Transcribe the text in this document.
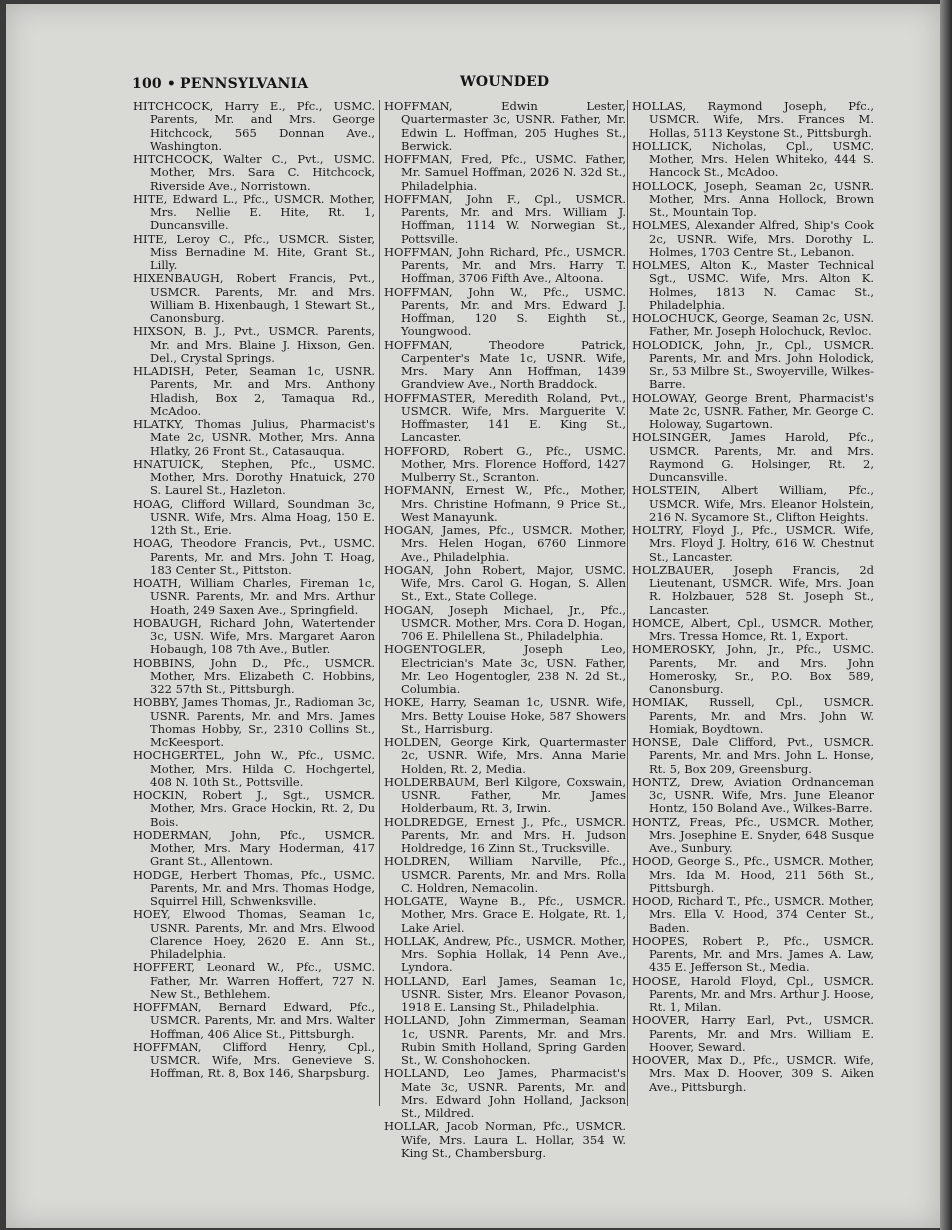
100 • PENNSYLVANIA	WOUNDED

HITCHCOCK, Harry E., Pfc., USMC. Parents, Mr. and Mrs. George Hitchcock, 565 Donnan Ave., Washington.

HITCHCOCK, Walter C., Pvt., USMC. Mother, Mrs. Sara C. Hitchcock, Riverside Ave., Norristown.

HITE, Edward L., Pfc., USMCR. Mother, Mrs. Nellie E. Hite, Rt. 1, Duncansville.

HITE, Leroy C., Pfc., USMCR. Sister, Miss Bernadine M. Hite, Grant St., Lilly.

HIXENBAUGH, Robert Francis, Pvt., USMCR. Parents, Mr. and Mrs. William B. Hixenbaugh, 1 Stewart St., Canonsburg.

HIXSON, B. J., Pvt., USMCR. Parents, Mr. and Mrs. Blaine J. Hixson, Gen. Del., Crystal Springs.

HLADISH, Peter, Seaman 1c, USNR. Parents, Mr. and Mrs. Anthony Hladish, Box 2, Tamaqua Rd., McAdoo.

HLATKY, Thomas Julius, Pharmacist's Mate 2c, USNR. Mother, Mrs. Anna Hlatky, 26 Front St., Catasauqua.

HNATUICK, Stephen, Pfc., USMC. Mother, Mrs. Dorothy Hnatuick, 270 S. Laurel St., Hazleton.

HOAG, Clifford Willard, Soundman 3c, USNR. Wife, Mrs. Alma Hoag, 150 E. 12th St., Erie.

HOAG, Theodore Francis, Pvt., USMC. Parents, Mr. and Mrs. John T. Hoag, 183 Center St., Pittston.

HOATH, William Charles, Fireman 1c, USNR. Parents, Mr. and Mrs. Arthur Hoath, 249 Saxen Ave., Springfield.

HOBAUGH, Richard John, Watertender 3c, USN. Wife, Mrs. Margaret Aaron Hobaugh, 108 7th Ave., Butler.

HOBBINS, John D., Pfc., USMCR. Mother, Mrs. Elizabeth C. Hobbins, 322 57th St., Pittsburgh.

HOBBY, James Thomas, Jr., Radioman 3c, USNR. Parents, Mr. and Mrs. James Thomas Hobby, Sr., 2310 Collins St., McKeesport.

HOCHGERTEL, John W., Pfc., USMC. Mother, Mrs. Hilda C. Hochgertel, 408 N. 10th St., Pottsville.

HOCKIN, Robert J., Sgt., USMCR. Mother, Mrs. Grace Hockin, Rt. 2, Du Bois.

HODERMAN, John, Pfc., USMCR. Mother, Mrs. Mary Hoderman, 417 Grant St., Allentown.

HODGE, Herbert Thomas, Pfc., USMC. Parents, Mr. and Mrs. Thomas Hodge, Squirrel Hill, Schwenksville.

HOEY, Elwood Thomas, Seaman 1c, USNR. Parents, Mr. and Mrs. Elwood Clarence Hoey, 2620 E. Ann St., Philadelphia.

HOFFERT, Leonard W., Pfc., USMC. Father, Mr. Warren Hoffert, 727 N. New St., Bethlehem.

HOFFMAN, Bernard Edward, Pfc., USMCR. Parents, Mr. and Mrs. Walter Hoffman, 406 Alice St., Pittsburgh.

HOFFMAN, Clifford Henry, Cpl., USMCR. Wife, Mrs. Genevieve S. Hoffman, Rt. 8, Box 146, Sharpsburg.

HOFFMAN, Edwin Lester, Quartermaster 3c, USNR. Father, Mr. Edwin L. Hoffman, 205 Hughes St., Berwick.

HOFFMAN, Fred, Pfc., USMC. Father, Mr. Samuel Hoffman, 2026 N. 32d St., Philadelphia.

HOFFMAN, John F., Cpl., USMCR. Parents, Mr. and Mrs. William J. Hoffman, 1114 W. Norwegian St., Pottsville.

HOFFMAN, John Richard, Pfc., USMCR. Parents, Mr. and Mrs. Harry T. Hoffman, 3706 Fifth Ave., Altoona.

HOFFMAN, John W., Pfc., USMC. Parents, Mr. and Mrs. Edward J. Hoffman, 120 S. Eighth St., Youngwood.

HOFFMAN, Theodore Patrick, Carpenter's Mate 1c, USNR. Wife, Mrs. Mary Ann Hoffman, 1439 Grandview Ave., North Braddock.

HOFFMASTER, Meredith Roland, Pvt., USMCR. Wife, Mrs. Marguerite V. Hoffmaster, 141 E. King St., Lancaster.

HOFFORD, Robert G., Pfc., USMC. Mother, Mrs. Florence Hofford, 1427 Mulberry St., Scranton.

HOFMANN, Ernest W., Pfc., Mother, Mrs. Christine Hofmann, 9 Price St., West Manayunk.

HOGAN, James, Pfc., USMCR. Mother, Mrs. Helen Hogan, 6760 Linmore Ave., Philadelphia.

HOGAN, John Robert, Major, USMC. Wife, Mrs. Carol G. Hogan, S. Allen St., Ext., State College.

HOGAN, Joseph Michael, Jr., Pfc., USMCR. Mother, Mrs. Cora D. Hogan, 706 E. Philellena St., Philadelphia.

HOGENTOGLER, Joseph Leo, Electrician's Mate 3c, USN. Father, Mr. Leo Hogentogler, 238 N. 2d St., Columbia.

HOKE, Harry, Seaman 1c, USNR. Wife, Mrs. Betty Louise Hoke, 587 Showers St., Harrisburg.

HOLDEN, George Kirk, Quartermaster 2c, USNR. Wife, Mrs. Anna Marie Holden, Rt. 2, Media.

HOLDERBAUM, Berl Kilgore, Coxswain, USNR. Father, Mr. James Holderbaum, Rt. 3, Irwin.

HOLDREDGE, Ernest J., Pfc., USMCR. Parents, Mr. and Mrs. H. Judson Holdredge, 16 Zinn St., Trucksville.

HOLDREN, William Narville, Pfc., USMCR. Parents, Mr. and Mrs. Rolla C. Holdren, Nemacolin.

HOLGATE, Wayne B., Pfc., USMCR. Mother, Mrs. Grace E. Holgate, Rt. 1, Lake Ariel.

HOLLAK, Andrew, Pfc., USMCR. Mother, Mrs. Sophia Hollak, 14 Penn Ave., Lyndora.

HOLLAND, Earl James, Seaman 1c, USNR. Sister, Mrs. Eleanor Povason, 1918 E. Lansing St., Philadelphia.

HOLLAND, John Zimmerman, Seaman 1c, USNR. Parents, Mr. and Mrs. Rubin Smith Holland, Spring Garden St., W. Conshohocken.

HOLLAND, Leo James, Pharmacist's Mate 3c, USNR. Parents, Mr. and Mrs. Edward John Holland, Jackson St., Mildred.

HOLLAR, Jacob Norman, Pfc., USMCR. Wife, Mrs. Laura L. Hollar, 354 W. King St., Chambersburg.

HOLLAS, Raymond Joseph, Pfc., USMCR. Wife, Mrs. Frances M. Hollas, 5113 Keystone St., Pittsburgh.

HOLLICK, Nicholas, Cpl., USMC. Mother, Mrs. Helen Whiteko, 444 S. Hancock St., McAdoo.

HOLLOCK, Joseph, Seaman 2c, USNR. Mother, Mrs. Anna Hollock, Brown St., Mountain Top.

HOLMES, Alexander Alfred, Ship's Cook 2c, USNR. Wife, Mrs. Dorothy L. Holmes, 1703 Centre St., Lebanon.

HOLMES, Alton K., Master Technical Sgt., USMC. Wife, Mrs. Alton K. Holmes, 1813 N. Camac St., Philadelphia.

HOLOCHUCK, George, Seaman 2c, USN. Father, Mr. Joseph Holochuck, Revloc.

HOLODICK, John, Jr., Cpl., USMCR. Parents, Mr. and Mrs. John Holodick, Sr., 53 Milbre St., Swoyerville, Wilkes-Barre.

HOLOWAY, George Brent, Pharmacist's Mate 2c, USNR. Father, Mr. George C. Holoway, Sugartown.

HOLSINGER, James Harold, Pfc., USMCR. Parents, Mr. and Mrs. Raymond G. Holsinger, Rt. 2, Duncansville.

HOLSTEIN, Albert William, Pfc., USMCR. Wife, Mrs. Eleanor Holstein, 216 N. Sycamore St., Clifton Heights.

HOLTRY, Floyd J., Pfc., USMCR. Wife, Mrs. Floyd J. Holtry, 616 W. Chestnut St., Lancaster.

HOLZBAUER, Joseph Francis, 2d Lieutenant, USMCR. Wife, Mrs. Joan R. Holzbauer, 528 St. Joseph St., Lancaster.

HOMCE, Albert, Cpl., USMCR. Mother, Mrs. Tressa Homce, Rt. 1, Export.

HOMEROSKY, John, Jr., Pfc., USMC. Parents, Mr. and Mrs. John Homerosky, Sr., P.O. Box 589, Canonsburg.

HOMIAK, Russell, Cpl., USMCR. Parents, Mr. and Mrs. John W. Homiak, Boydtown.

HONSE, Dale Clifford, Pvt., USMCR. Parents, Mr. and Mrs. John L. Honse, Rt. 5, Box 209, Greensburg.

HONTZ, Drew, Aviation Ordnanceman 3c, USNR. Wife, Mrs. June Eleanor Hontz, 150 Boland Ave., Wilkes-Barre.

HONTZ, Freas, Pfc., USMCR. Mother, Mrs. Josephine E. Snyder, 648 Susque Ave., Sunbury.

HOOD, George S., Pfc., USMCR. Mother, Mrs. Ida M. Hood, 211 56th St., Pittsburgh.

HOOD, Richard T., Pfc., USMCR. Mother, Mrs. Ella V. Hood, 374 Center St., Baden.

HOOPES, Robert P., Pfc., USMCR. Parents, Mr. and Mrs. James A. Law, 435 E. Jefferson St., Media.

HOOSE, Harold Floyd, Cpl., USMCR. Parents, Mr. and Mrs. Arthur J. Hoose, Rt. 1, Milan.

HOOVER, Harry Earl, Pvt., USMCR. Parents, Mr. and Mrs. William E. Hoover, Seward.

HOOVER, Max D., Pfc., USMCR. Wife, Mrs. Max D. Hoover, 309 S. Aiken Ave., Pittsburgh.
